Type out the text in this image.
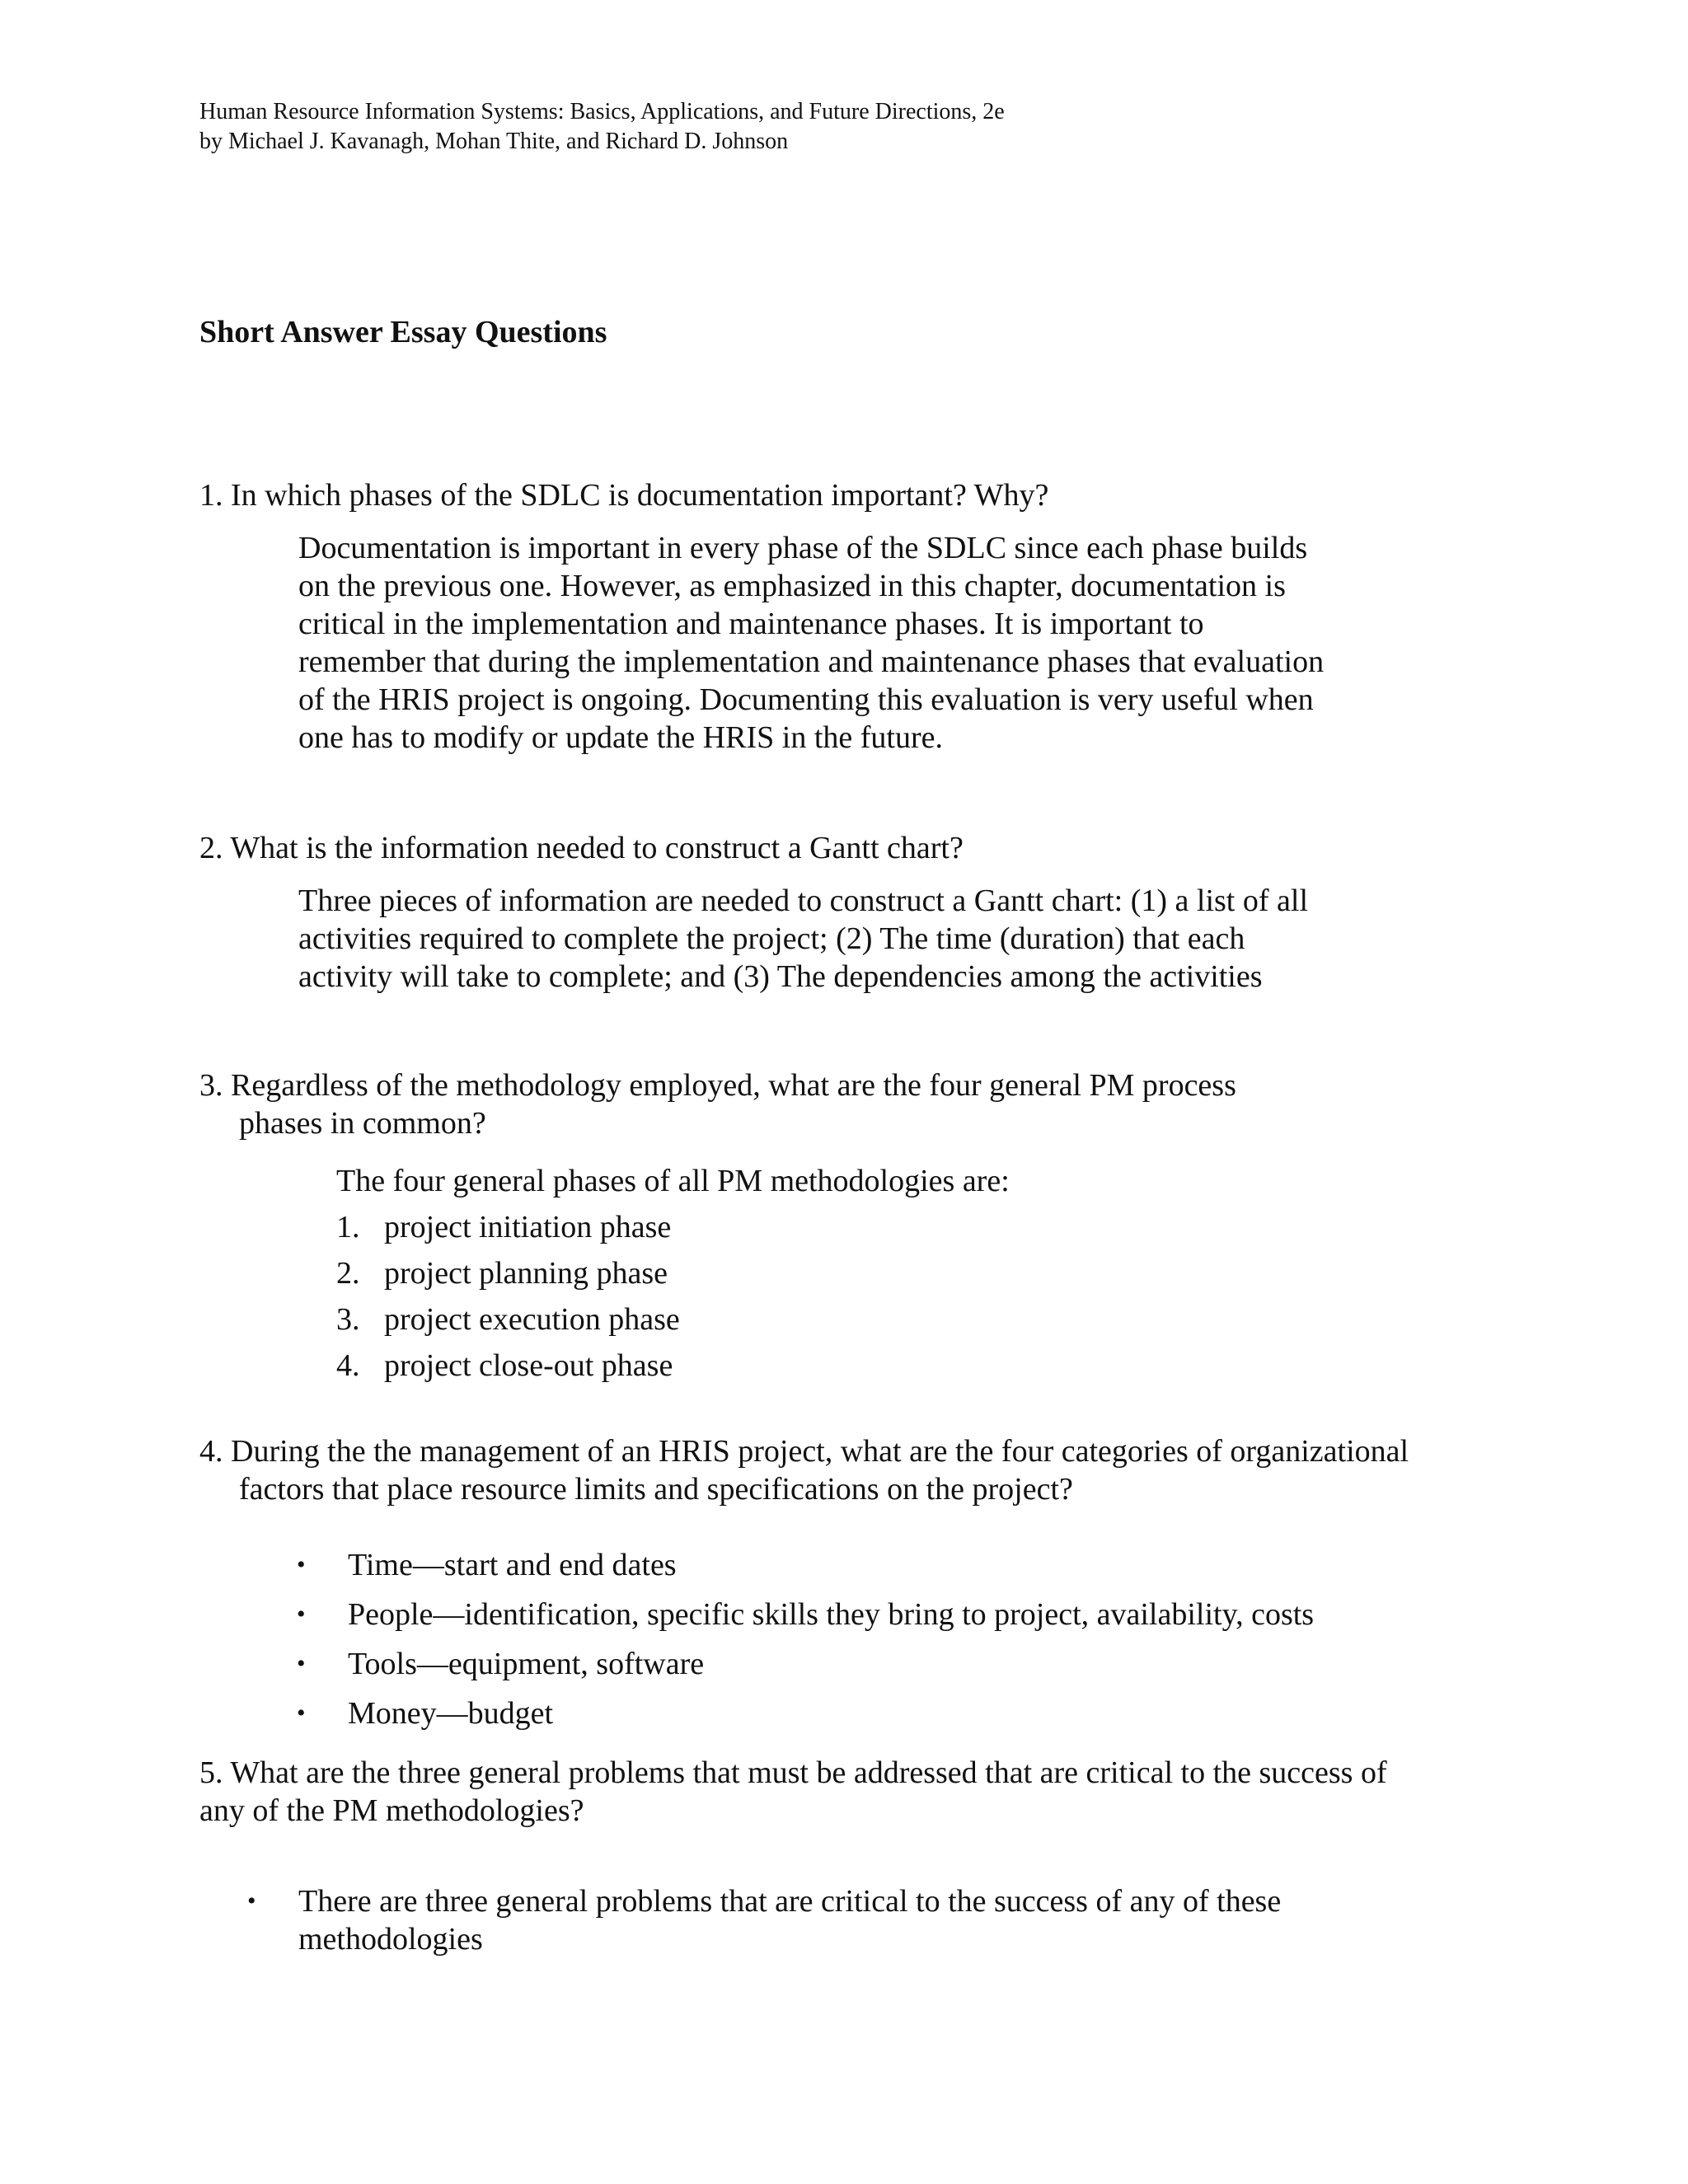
Human Resource Information Systems: Basics, Applications, and Future Directions, 2e
by Michael J. Kavanagh, Mohan Thite, and Richard D. Johnson
Short Answer Essay Questions
1. In which phases of the SDLC is documentation important? Why?
Documentation is important in every phase of the SDLC since each phase builds
on the previous one. However, as emphasized in this chapter, documentation is
critical in the implementation and maintenance phases. It is important to
remember that during the implementation and maintenance phases that evaluation
of the HRIS project is ongoing. Documenting this evaluation is very useful when
one has to modify or update the HRIS in the future.
2. What is the information needed to construct a Gantt chart?
Three pieces of information are needed to construct a Gantt chart: (1) a list of all
activities required to complete the project; (2) The time (duration) that each
activity will take to complete; and (3) The dependencies among the activities
3. Regardless of the methodology employed, what are the four general PM process
phases in common?
The four general phases of all PM methodologies are:
1. project initiation phase
2. project planning phase
3. project execution phase
4. project close-out phase
4. During the the management of an HRIS project, what are the four categories of organizational
factors that place resource limits and specifications on the project?
•	Time—start and end dates
•	People—identification, specific skills they bring to project, availability, costs
•	Tools—equipment, software
•	Money—budget
5. What are the three general problems that must be addressed that are critical to the success of
any of the PM methodologies?
•	There are three general problems that are critical to the success of any of these
methodologies
